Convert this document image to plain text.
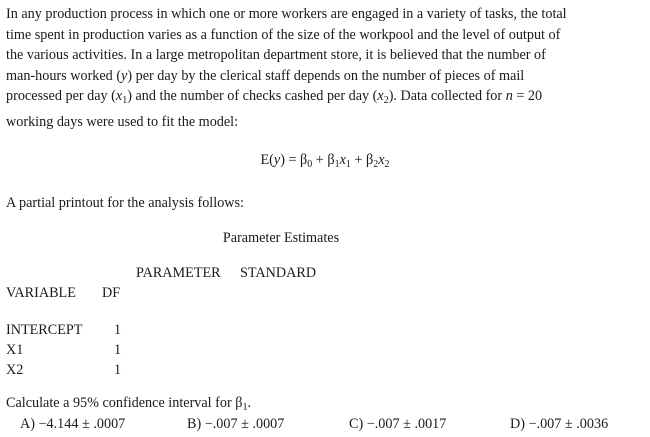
In any production process in which one or more workers are engaged in a variety of tasks, the total
time spent in production varies as a function of the size of the workpool and the level of output of
the various activities. In a large metropolitan department store, it is believed that the number of
man-hours worked (y) per day by the clerical staff depends on the number of pieces of mail
processed per day $(x_1)$ and the number of checks cashed per day $(x_2)$. Data collected for n = 20
working days were used to fit the model:
$E(y) = \beta_0 + \beta_1x_1 + \beta_2x_2$
A partial printout for the analysis follows:
Parameter Estimates
PARAMETER STANDARD
VARIABLE DF
INTERCEPT 1
X1	1
X2	1
Calculate a 95% confidence interval for $\beta_1$.
A) −4.144 ± .0007	B) −.007 ± .0007	C) −.007 ± .0017	D) −.007 ± .0036
